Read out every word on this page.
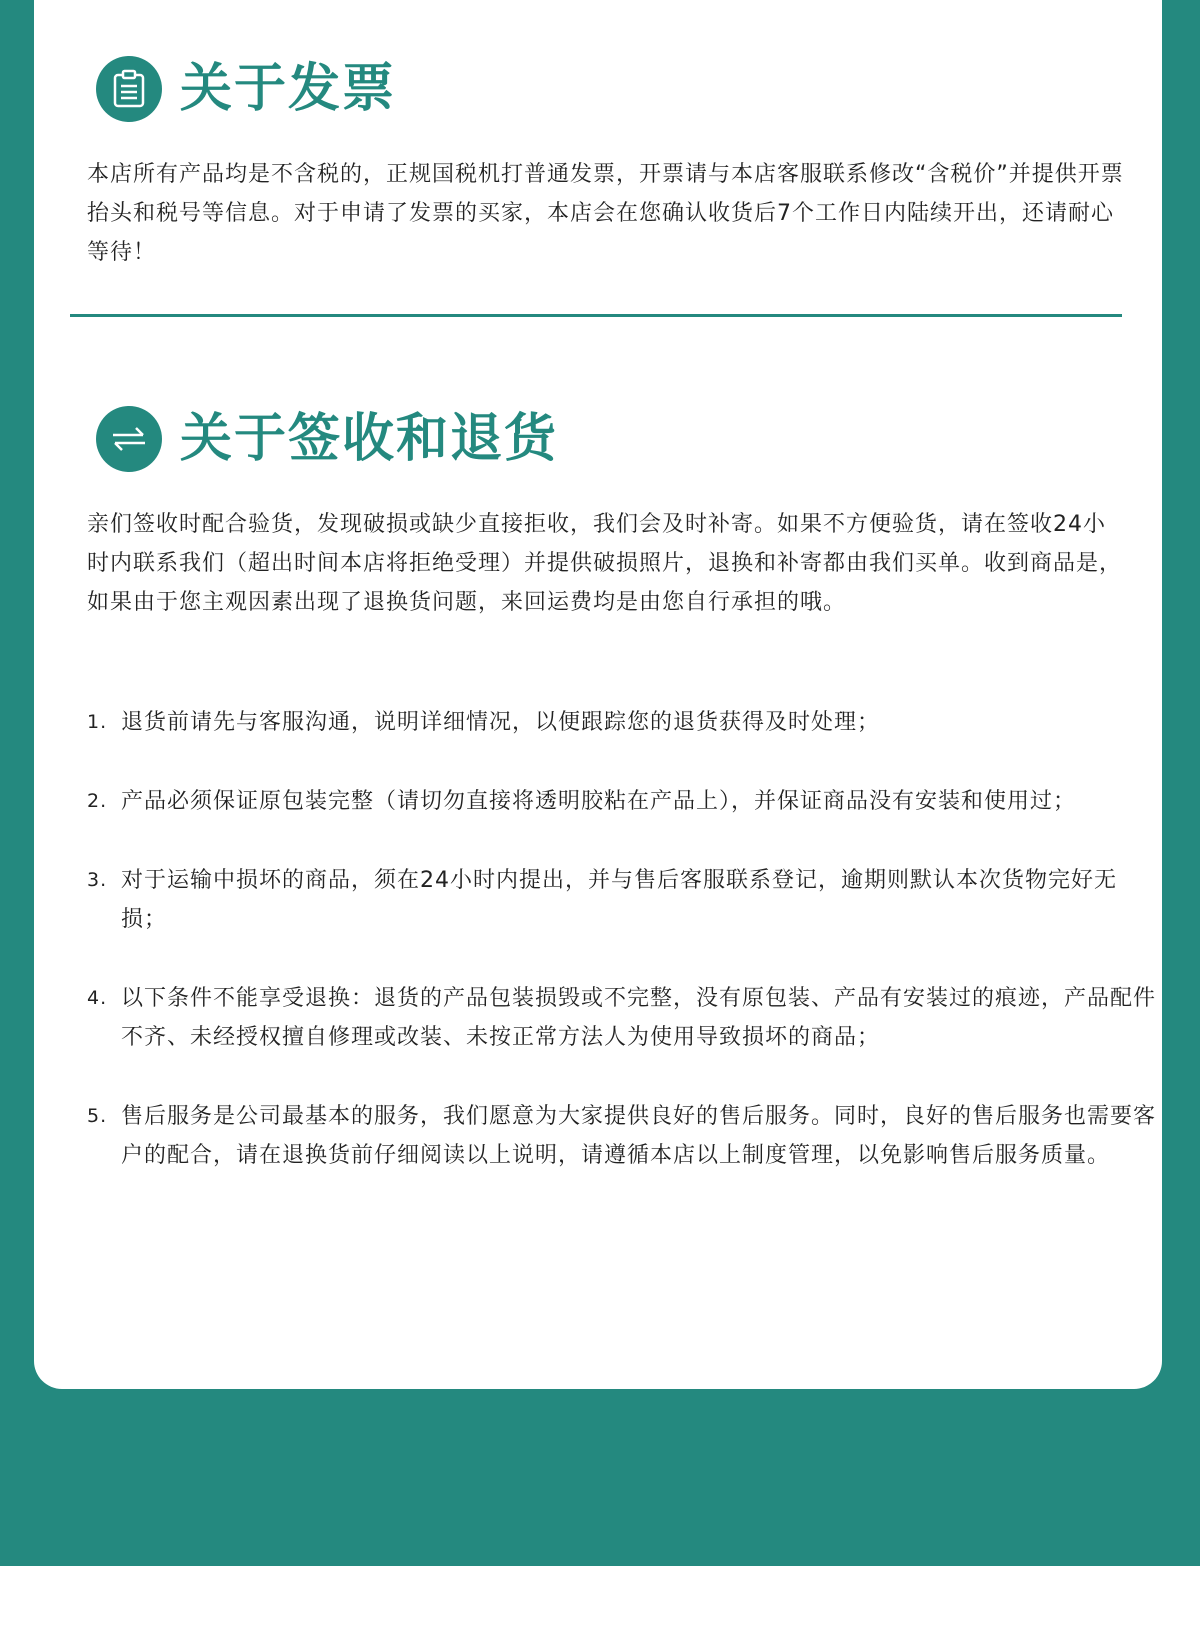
关于发票

本店所有产品均是不含税的，正规国税机打普通发票，开票请与本店客服联系修改“含税价”并提供开票抬头和税号等信息。对于申请了发票的买家，本店会在您确认收货后7个工作日内陆续开出，还请耐心等待！

关于签收和退货

亲们签收时配合验货，发现破损或缺少直接拒收，我们会及时补寄。如果不方便验货，请在签收24小时内联系我们（超出时间本店将拒绝受理）并提供破损照片，退换和补寄都由我们买单。收到商品是，如果由于您主观因素出现了退换货问题，来回运费均是由您自行承担的哦。

1. 退货前请先与客服沟通，说明详细情况，以便跟踪您的退货获得及时处理；
2. 产品必须保证原包装完整（请切勿直接将透明胶粘在产品上），并保证商品没有安装和使用过；
3. 对于运输中损坏的商品，须在24小时内提出，并与售后客服联系登记，逾期则默认本次货物完好无损；
4. 以下条件不能享受退换：退货的产品包装损毁或不完整，没有原包装、产品有安装过的痕迹，产品配件不齐、未经授权擅自修理或改装、未按正常方法人为使用导致损坏的商品；
5. 售后服务是公司最基本的服务，我们愿意为大家提供良好的售后服务。同时，良好的售后服务也需要客户的配合，请在退换货前仔细阅读以上说明，请遵循本店以上制度管理，以免影响售后服务质量。
